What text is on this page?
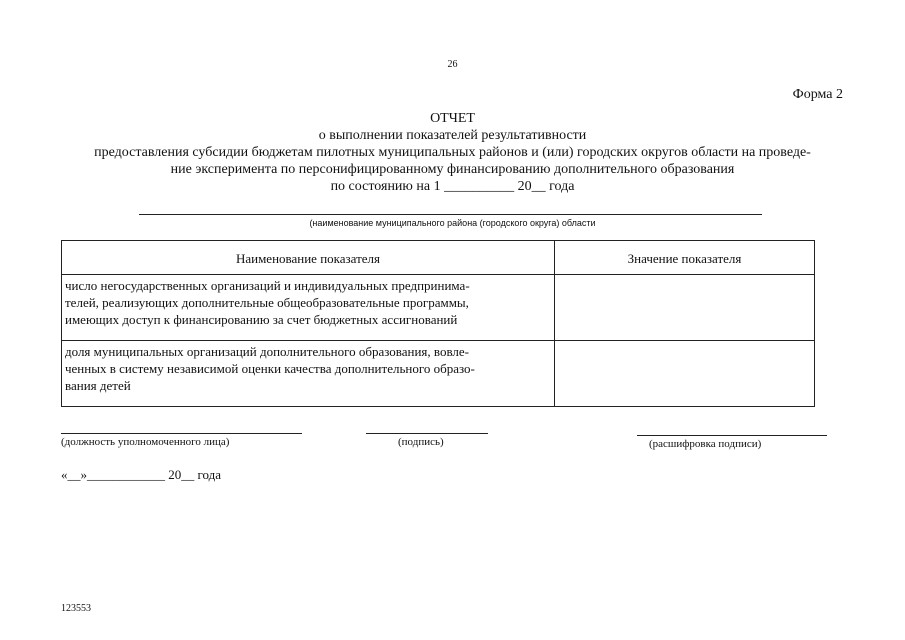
26
Форма 2
ОТЧЕТ
о выполнении показателей результативности
предоставления субсидии бюджетам пилотных муниципальных районов и (или) городских округов области на проведе-
ние эксперимента по персонифицированному финансированию дополнительного образования
по состоянию на 1 __________ 20__ года
(наименование муниципального района (городского округа) области
Наименование показателя	Значение показателя

число негосударственных организаций и индивидуальных предпринима-
телей, реализующих дополнительные общеобразовательные программы,
имеющих доступ к финансированию за счет бюджетных ассигнований	

доля муниципальных организаций дополнительного образования, вовле-
ченных в систему независимой оценки качества дополнительного образо-
вания детей	

(должность уполномоченного лица)	(подпись)	(расшифровка подписи)
«__»____________ 20__ года
123553
